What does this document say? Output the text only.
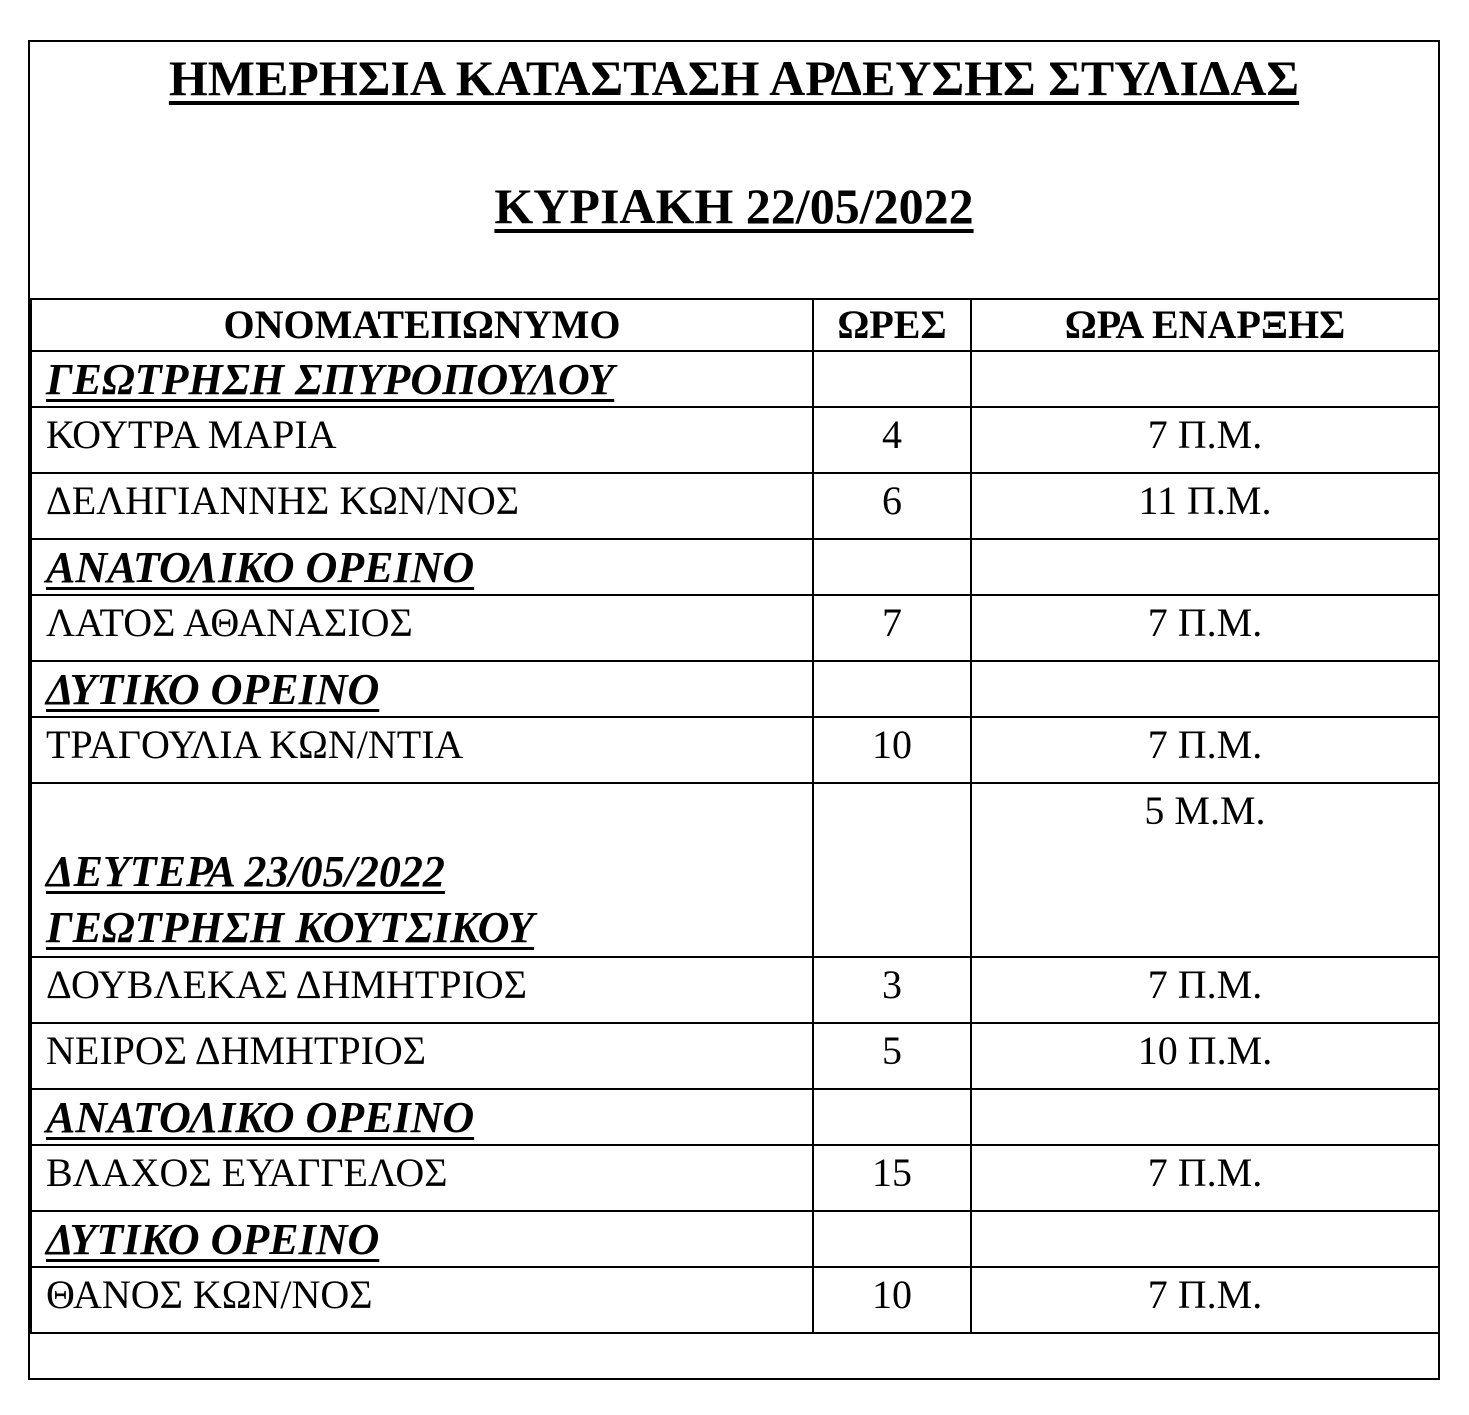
ΗΜΕΡΗΣΙΑ ΚΑΤΑΣΤΑΣΗ ΑΡΔΕΥΣΗΣ ΣΤΥΛΙΔΑΣ
ΚΥΡΙΑΚΗ 22/05/2022
ΟΝΟΜΑΤΕΠΩΝΥΜΟ	ΩΡΕΣ	ΩΡΑ ΕΝΑΡΞΗΣ
ΓΕΩΤΡΗΣΗ ΣΠΥΡΟΠΟΥΛΟΥ		
ΚΟΥΤΡΑ ΜΑΡΙΑ	4	7 Π.Μ.
ΔΕΛΗΓΙΑΝΝΗΣ ΚΩΝ/ΝΟΣ	6	11 Π.Μ.
ΑΝΑΤΟΛΙΚΟ ΟΡΕΙΝΟ		
ΛΑΤΟΣ ΑΘΑΝΑΣΙΟΣ	7	7 Π.Μ.
ΔΥΤΙΚΟ ΟΡΕΙΝΟ		
ΤΡΑΓΟΥΛΙΑ ΚΩΝ/ΝΤΙΑ	10	7 Π.Μ.

ΔΕΥΤΕΡΑ 23/05/2022
ΓΕΩΤΡΗΣΗ ΚΟΥΤΣΙΚΟΥ		5 Μ.Μ.
ΔΟΥΒΛΕΚΑΣ ΔΗΜΗΤΡΙΟΣ	3	7 Π.Μ.
ΝΕΙΡΟΣ ΔΗΜΗΤΡΙΟΣ	5	10 Π.Μ.
ΑΝΑΤΟΛΙΚΟ ΟΡΕΙΝΟ		
ΒΛΑΧΟΣ ΕΥΑΓΓΕΛΟΣ	15	7 Π.Μ.
ΔΥΤΙΚΟ ΟΡΕΙΝΟ		
ΘΑΝΟΣ ΚΩΝ/ΝΟΣ	10	7 Π.Μ.
